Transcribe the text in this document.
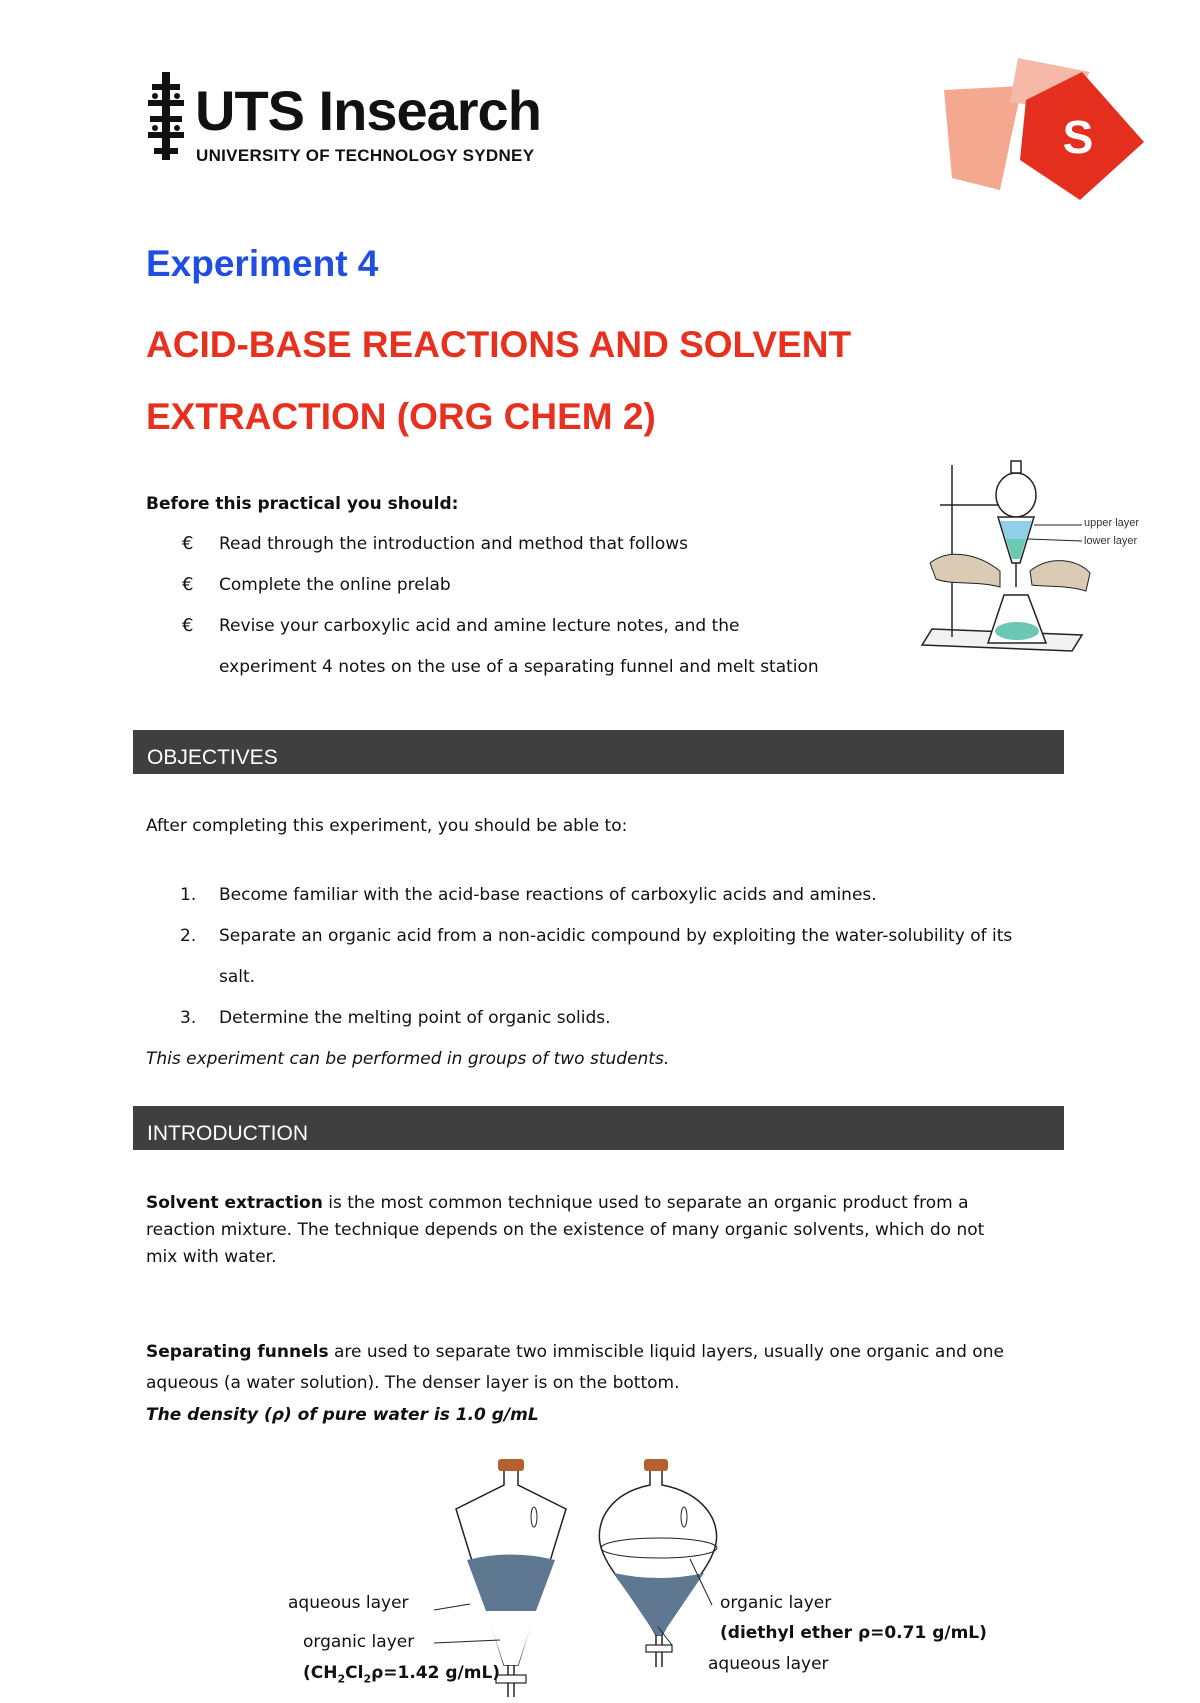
UTS Insearch
UNIVERSITY OF TECHNOLOGY SYDNEY	S
Experiment 4
ACID-BASE REACTIONS AND SOLVENT
EXTRACTION (ORG CHEM 2)
Before this practical you should:
€ Read through the introduction and method that follows
€ Complete the online prelab
€ Revise your carboxylic acid and amine lecture notes, and the
experiment 4 notes on the use of a separating funnel and melt station
upper layer
lower layer
OBJECTIVES
After completing this experiment, you should be able to:
1.	Become familiar with the acid-base reactions of carboxylic acids and amines.
2.	Separate an organic acid from a non-acidic compound by exploiting the water-solubility of its
salt.
3.	Determine the melting point of organic solids.
This experiment can be performed in groups of two students.
INTRODUCTION
Solvent extraction is the most common technique used to separate an organic product from a
reaction mixture. The technique depends on the existence of many organic solvents, which do not
mix with water.
Separating funnels are used to separate two immiscible liquid layers, usually one organic and one
aqueous (a water solution). The denser layer is on the bottom.
The density (ρ) of pure water is 1.0 g/mL
aqueous layer
organic layer
($CH_2Cl_2\rho=1.42$ g/mL)
organic layer
(diethyl ether ρ=0.71 g/mL)
aqueous layer
